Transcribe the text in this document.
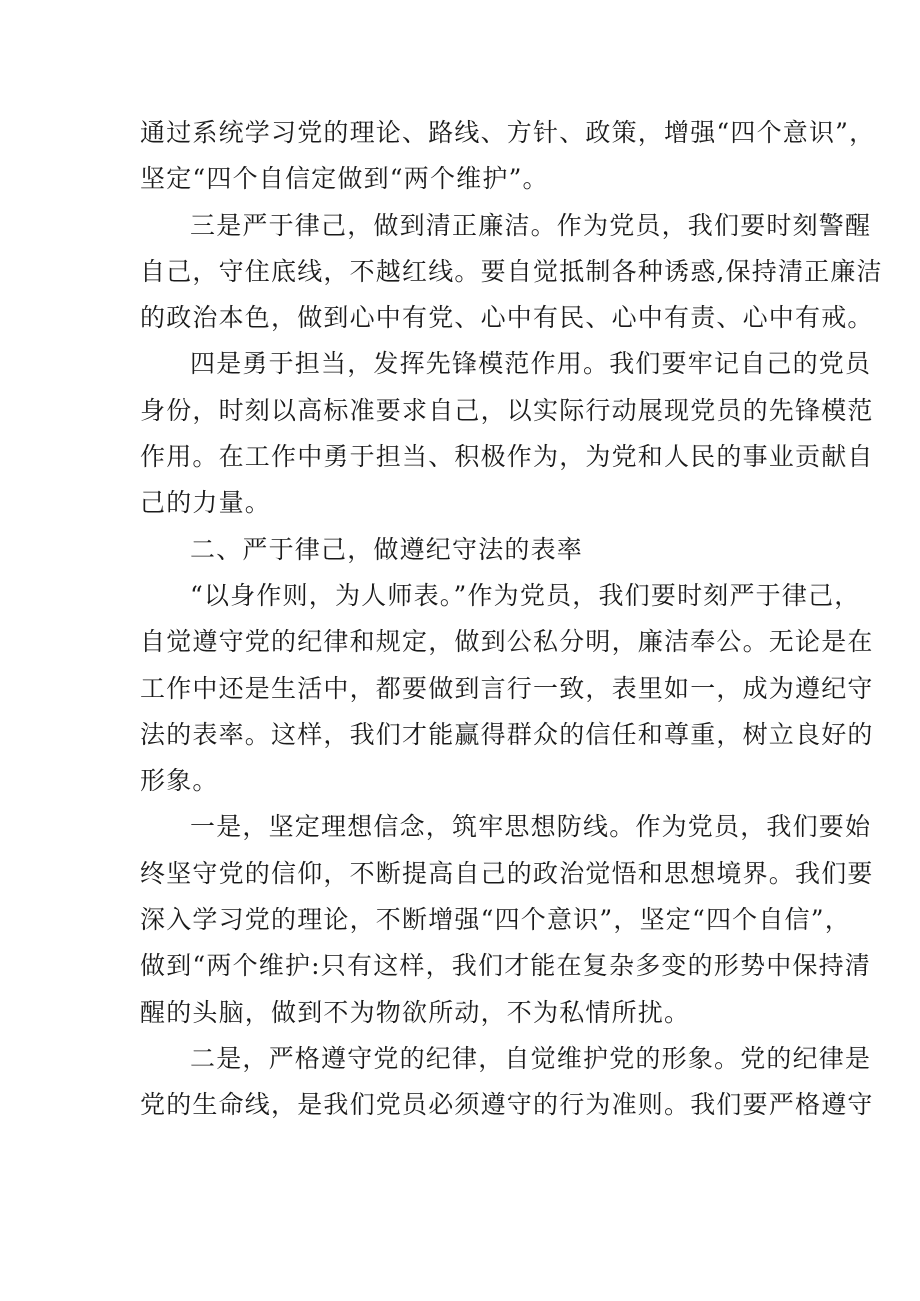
通过系统学习党的理论、路线、方针、政策，增强“四个意识”，
坚定“四个自信定做到“两个维护”。
三是严于律己，做到清正廉洁。作为党员，我们要时刻警醒
自己，守住底线，不越红线。要自觉抵制各种诱惑,保持清正廉洁
的政治本色，做到心中有党、心中有民、心中有责、心中有戒。
四是勇于担当，发挥先锋模范作用。我们要牢记自己的党员
身份，时刻以高标准要求自己，以实际行动展现党员的先锋模范
作用。在工作中勇于担当、积极作为，为党和人民的事业贡献自
己的力量。
二、严于律己，做遵纪守法的表率
“以身作则，为人师表。”作为党员，我们要时刻严于律己，
自觉遵守党的纪律和规定，做到公私分明，廉洁奉公。无论是在
工作中还是生活中，都要做到言行一致，表里如一，成为遵纪守
法的表率。这样，我们才能赢得群众的信任和尊重，树立良好的
形象。
一是，坚定理想信念，筑牢思想防线。作为党员，我们要始
终坚守党的信仰，不断提高自己的政治觉悟和思想境界。我们要
深入学习党的理论，不断增强“四个意识”，坚定“四个自信”，
做到“两个维护:只有这样，我们才能在复杂多变的形势中保持清
醒的头脑，做到不为物欲所动，不为私情所扰。
二是，严格遵守党的纪律，自觉维护党的形象。党的纪律是
党的生命线，是我们党员必须遵守的行为准则。我们要严格遵守
